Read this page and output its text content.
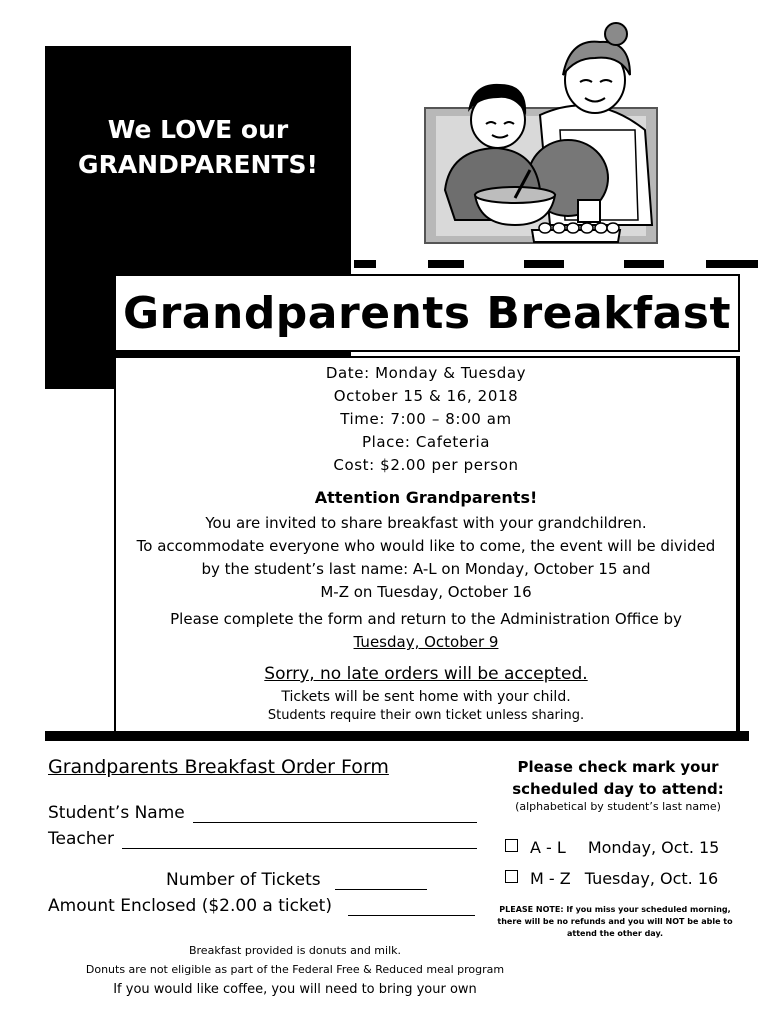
We LOVE our
GRANDPARENTS!
Grandparents Breakfast
Date: Monday & Tuesday
October 15 & 16, 2018
Time: 7:00 – 8:00 am
Place: Cafeteria
Cost: $2.00 per person
Attention Grandparents!
You are invited to share breakfast with your grandchildren.
To accommodate everyone who would like to come, the event will be divided
by the student’s last name: A-L on Monday, October 15 and
M-Z on Tuesday, October 16
Please complete the form and return to the Administration Office by
Tuesday, October 9
Sorry, no late orders will be accepted.
Tickets will be sent home with your child.
Students require their own ticket unless sharing.
Grandparents Breakfast Order Form
Student’s Name
Teacher
Number of Tickets
Amount Enclosed ($2.00 a ticket)
Please check mark your
scheduled day to attend:
(alphabetical by student’s last name)
A - L Monday, Oct. 15
M - Z Tuesday, Oct. 16
PLEASE NOTE: If you miss your scheduled morning,
there will be no refunds and you will NOT be able to
attend the other day.
Breakfast provided is donuts and milk.
Donuts are not eligible as part of the Federal Free & Reduced meal program
If you would like coffee, you will need to bring your own
